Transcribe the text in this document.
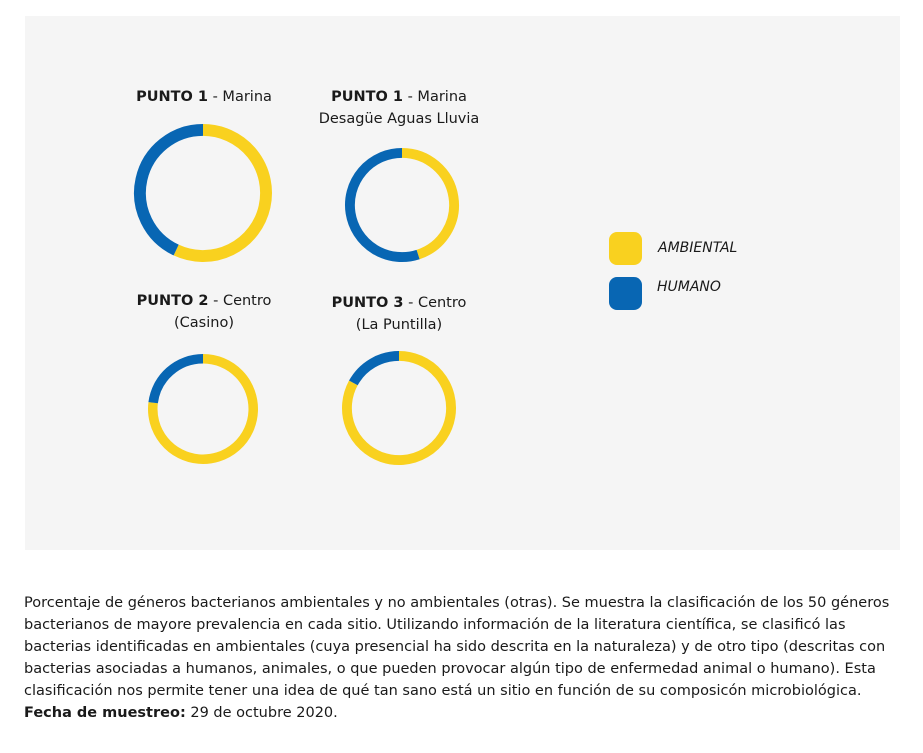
PUNTO 1 - Marina	PUNTO 1 - Marina
Desagüe Aguas Lluvia
PUNTO 2 - Centro
(Casino)
PUNTO 3 - Centro
(La Puntilla)
AMBIENTAL
HUMANO
Porcentaje de géneros bacterianos ambientales y no ambientales (otras). Se muestra la clasificación de los 50 géneros bacterianos de mayore prevalencia en cada sitio. Utilizando información de la literatura científica, se clasificó las bacterias identificadas en ambientales (cuya presencial ha sido descrita en la naturaleza) y de otro tipo (descritas con bacterias asociadas a humanos, animales, o que pueden provocar algún tipo de enfermedad animal o humano). Esta clasificación nos permite tener una idea de qué tan sano está un sitio en función de su composicón microbiológica.
Fecha de muestreo: 29 de octubre 2020.
